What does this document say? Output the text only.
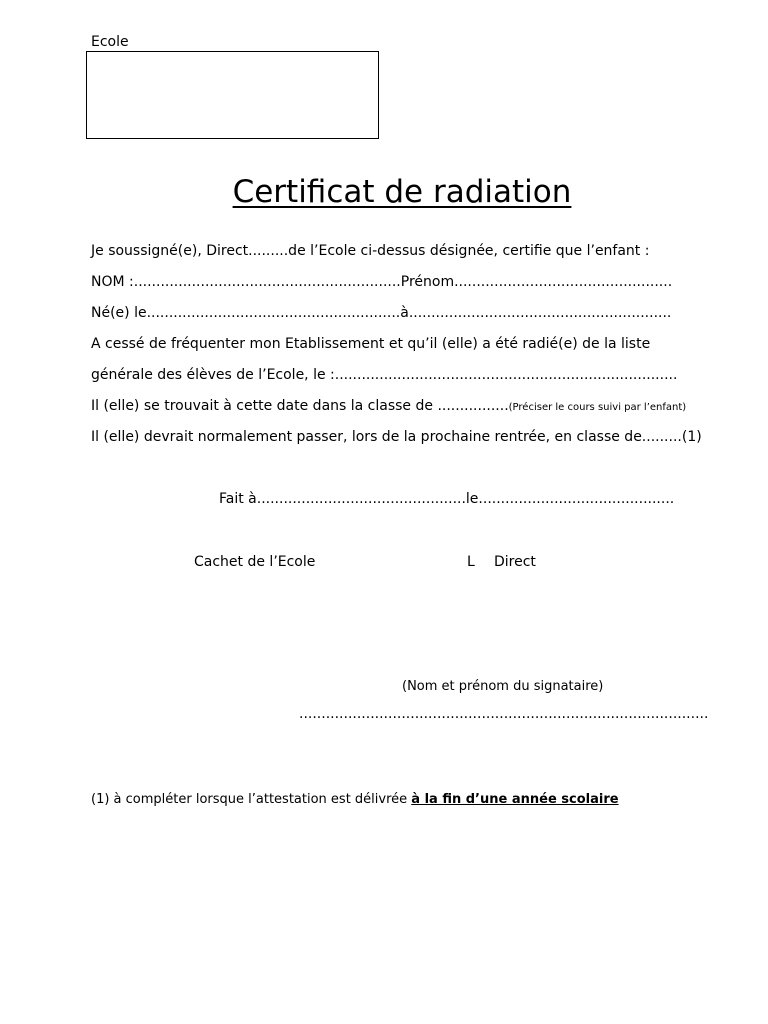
Ecole
Certificat de radiation
Je soussigné(e), Direct.........de l’Ecole ci-dessus désignée, certifie que l’enfant :
NOM :............................................................Prénom.................................................
Né(e) le.........................................................à...........................................................
A cessé de fréquenter mon Etablissement et qu’il (elle) a été radié(e) de la liste
générale des élèves de l’Ecole, le :.............................................................................
Il (elle) se trouvait à cette date dans la classe de ................(Préciser le cours suivi par l’enfant)
Il (elle) devrait normalement passer, lors de la prochaine rentrée, en classe de.........(1)
Fait à...............................................le............................................
Cachet de l’Ecole	L Direct
(Nom et prénom du signataire)
............................................................................................
(1) à compléter lorsque l’attestation est délivrée à la fin d’une année scolaire
